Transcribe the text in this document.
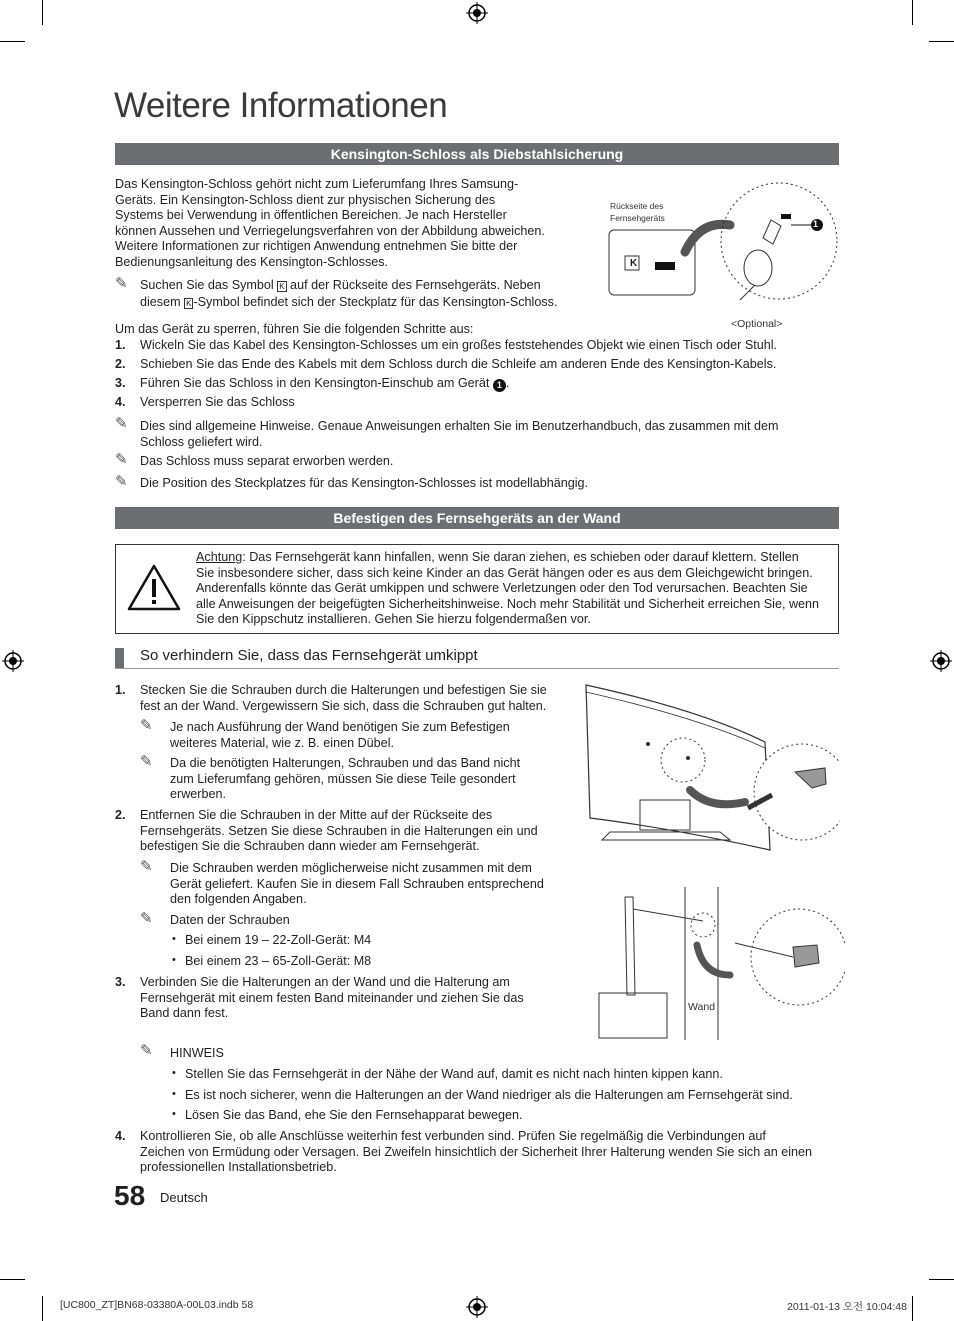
Weitere Informationen
Kensington-Schloss als Diebstahlsicherung
Das Kensington-Schloss gehört nicht zum Lieferumfang Ihres Samsung-
Geräts. Ein Kensington-Schloss dient zur physischen Sicherung des
Systems bei Verwendung in öffentlichen Bereichen. Je nach Hersteller
können Aussehen und Verriegelungsverfahren von der Abbildung abweichen.
Weitere Informationen zur richtigen Anwendung entnehmen Sie bitte der
Bedienungsanleitung des Kensington-Schlosses.
✎ Suchen Sie das Symbol K auf der Rückseite des Fernsehgeräts. Neben
diesem K -Symbol befindet sich der Steckplatz für das Kensington-Schloss.
Rückseite des
Fernsehgeräts
K
1
<Optional>
Um das Gerät zu sperren, führen Sie die folgenden Schritte aus:
1. Wickeln Sie das Kabel des Kensington-Schlosses um ein großes feststehendes Objekt wie einen Tisch oder Stuhl.
2. Schieben Sie das Ende des Kabels mit dem Schloss durch die Schleife am anderen Ende des Kensington-Kabels.
3. Führen Sie das Schloss in den Kensington-Einschub am Gerät 1 .
4. Versperren Sie das Schloss
✎ Dies sind allgemeine Hinweise. Genaue Anweisungen erhalten Sie im Benutzerhandbuch, das zusammen mit dem
Schloss geliefert wird.
✎ Das Schloss muss separat erworben werden.
✎ Die Position des Steckplatzes für das Kensington-Schlosses ist modellabhängig.
Befestigen des Fernsehgeräts an der Wand
Achtung: Das Fernsehgerät kann hinfallen, wenn Sie daran ziehen, es schieben oder darauf klettern. Stellen
Sie insbesondere sicher, dass sich keine Kinder an das Gerät hängen oder es aus dem Gleichgewicht bringen.
Anderenfalls könnte das Gerät umkippen und schwere Verletzungen oder den Tod verursachen. Beachten Sie
alle Anweisungen der beigefügten Sicherheitshinweise. Noch mehr Stabilität und Sicherheit erreichen Sie, wenn
Sie den Kippschutz installieren. Gehen Sie hierzu folgendermaßen vor.
So verhindern Sie, dass das Fernsehgerät umkippt
1. Stecken Sie die Schrauben durch die Halterungen und befestigen Sie sie
fest an der Wand. Vergewissern Sie sich, dass die Schrauben gut halten.
✎ Je nach Ausführung der Wand benötigen Sie zum Befestigen
weiteres Material, wie z. B. einen Dübel.
✎ Da die benötigten Halterungen, Schrauben und das Band nicht
zum Lieferumfang gehören, müssen Sie diese Teile gesondert
erwerben.
2. Entfernen Sie die Schrauben in der Mitte auf der Rückseite des
Fernsehgeräts. Setzen Sie diese Schrauben in die Halterungen ein und
befestigen Sie die Schrauben dann wieder am Fernsehgerät.
✎ Die Schrauben werden möglicherweise nicht zusammen mit dem
Gerät geliefert. Kaufen Sie in diesem Fall Schrauben entsprechend
den folgenden Angaben.
✎ Daten der Schrauben
• Bei einem 19 – 22-Zoll-Gerät: M4
• Bei einem 23 – 65-Zoll-Gerät: M8
3. Verbinden Sie die Halterungen an der Wand und die Halterung am
Fernsehgerät mit einem festen Band miteinander und ziehen Sie das
Band dann fest.	Wand
✎ HINWEIS
• Stellen Sie das Fernsehgerät in der Nähe der Wand auf, damit es nicht nach hinten kippen kann.
• Es ist noch sicherer, wenn die Halterungen an der Wand niedriger als die Halterungen am Fernsehgerät sind.
• Lösen Sie das Band, ehe Sie den Fernsehapparat bewegen.
4. Kontrollieren Sie, ob alle Anschlüsse weiterhin fest verbunden sind. Prüfen Sie regelmäßig die Verbindungen auf
Zeichen von Ermüdung oder Versagen. Bei Zweifeln hinsichtlich der Sicherheit Ihrer Halterung wenden Sie sich an einen
professionellen Installationsbetrieb.
58 Deutsch
[UC800_ZT]BN68-03380A-00L03.indb 58	2011-01-13 오전 10:04:48
